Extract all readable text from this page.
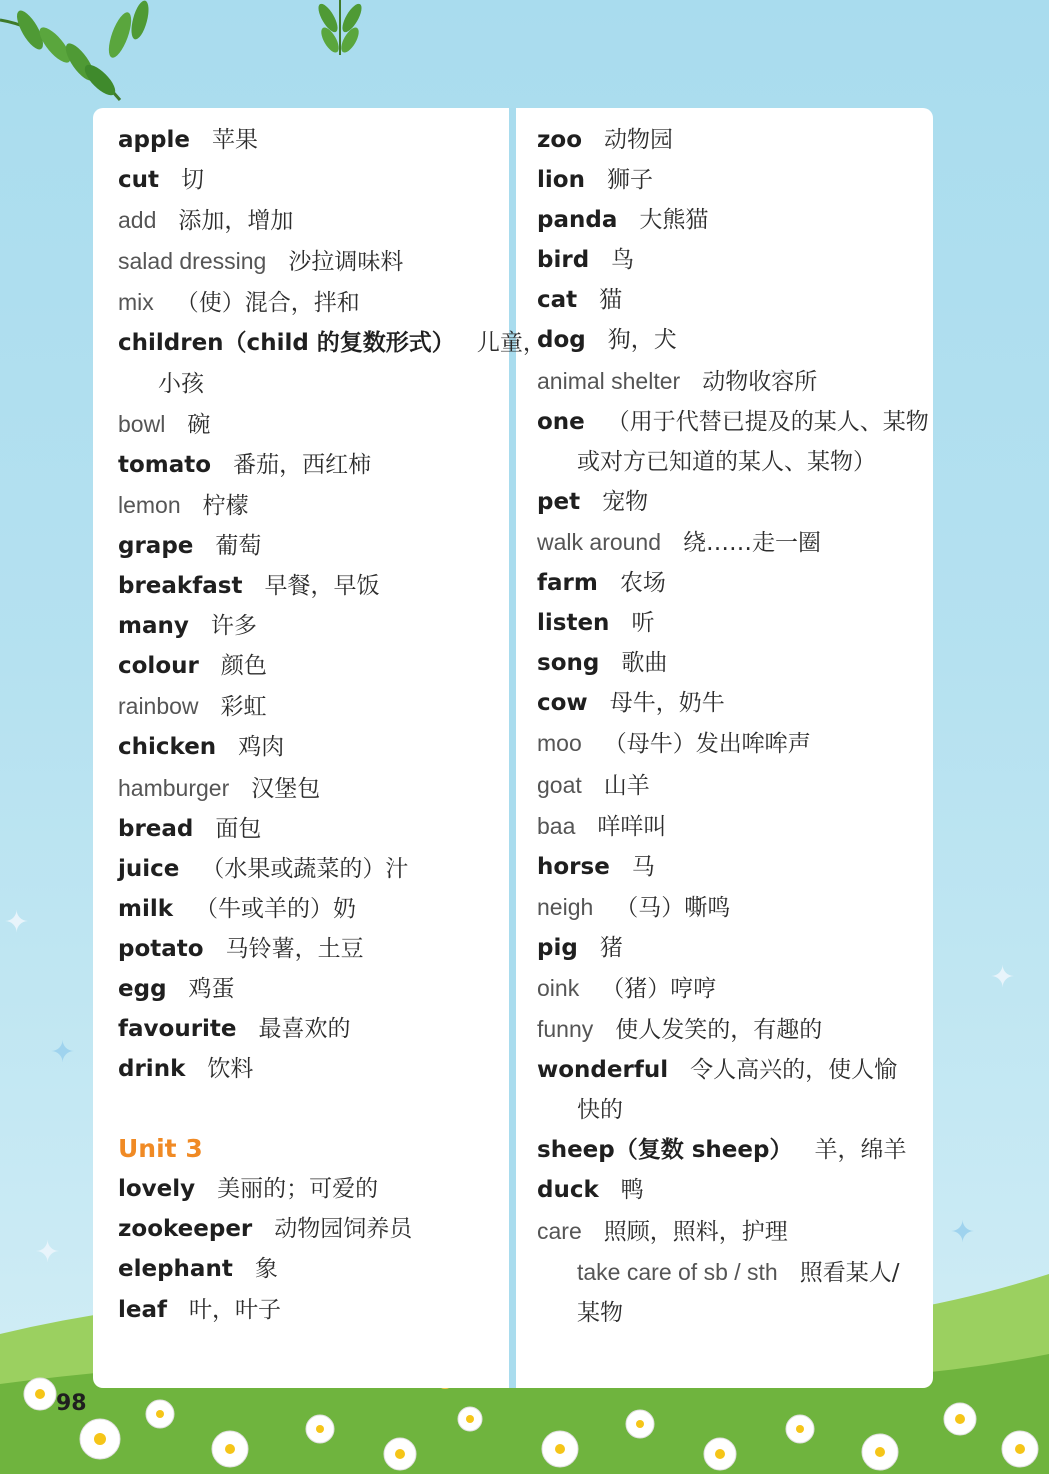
✦
✦
✦
✦
✦
apple 苹果
cut 切
add 添加，增加
salad dressing 沙拉调味料
mix （使）混合，拌和
children（child 的复数形式） 儿童，
小孩
bowl 碗
tomato 番茄，西红柿
lemon 柠檬
grape 葡萄
breakfast 早餐，早饭
many 许多
colour 颜色
rainbow 彩虹
chicken 鸡肉
hamburger 汉堡包
bread 面包
juice （水果或蔬菜的）汁
milk （牛或羊的）奶
potato 马铃薯，土豆
egg 鸡蛋
favourite 最喜欢的
drink 饮料
Unit 3
lovely 美丽的；可爱的
zookeeper 动物园饲养员
elephant 象
leaf 叶，叶子
zoo 动物园
lion 狮子
panda 大熊猫
bird 鸟
cat 猫
dog 狗，犬
animal shelter 动物收容所
one （用于代替已提及的某人、某物
或对方已知道的某人、某物）
pet 宠物
walk around 绕……走一圈
farm 农场
listen 听
song 歌曲
cow 母牛，奶牛
moo （母牛）发出哞哞声
goat 山羊
baa 咩咩叫
horse 马
neigh （马）嘶鸣
pig 猪
oink （猪）哼哼
funny 使人发笑的，有趣的
wonderful 令人高兴的，使人愉
快的
sheep（复数 sheep） 羊，绵羊
duck 鸭
care 照顾，照料，护理
take care of sb / sth 照看某人/
某物
98
